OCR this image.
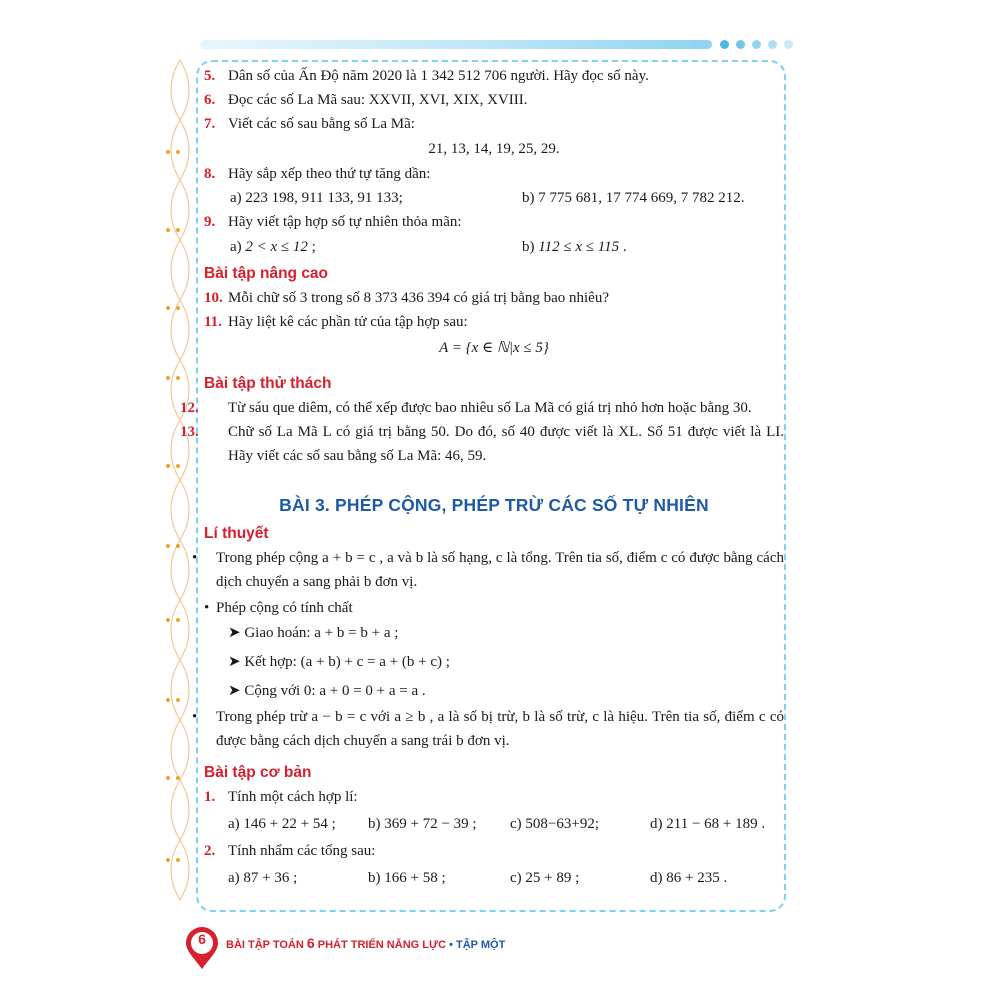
5. Dân số của Ấn Độ năm 2020 là 1 342 512 706 người. Hãy đọc số này.
6. Đọc các số La Mã sau: XXVII, XVI, XIX, XVIII.
7. Viết các số sau bằng số La Mã:
21, 13, 14, 19, 25, 29.
8. Hãy sắp xếp theo thứ tự tăng dần:
a) 223 198, 911 133, 91 133;	b) 7 775 681, 17 774 669, 7 782 212.
9. Hãy viết tập hợp số tự nhiên thỏa mãn:
a) 2 < x ≤ 12 ;	b) 112 ≤ x ≤ 115 .
Bài tập nâng cao
10. Mỗi chữ số 3 trong số 8 373 436 394 có giá trị bằng bao nhiêu?
11. Hãy liệt kê các phần tử của tập hợp sau:
A = {x ∈ ℕ|x ≤ 5}
Bài tập thử thách
12. Từ sáu que diêm, có thể xếp được bao nhiêu số La Mã có giá trị nhỏ hơn hoặc bằng 30.
13. Chữ số La Mã L có giá trị bằng 50. Do đó, số 40 được viết là XL. Số 51 được viết là LI. Hãy viết các số sau bằng số La Mã: 46, 59.
BÀI 3. PHÉP CỘNG, PHÉP TRỪ CÁC SỐ TỰ NHIÊN
Lí thuyết
• Trong phép cộng a + b = c , a và b là số hạng, c là tổng. Trên tia số, điểm c có được bằng cách dịch chuyển a sang phải b đơn vị.
• Phép cộng có tính chất
➤ Giao hoán: a + b = b + a ;
➤ Kết hợp: (a + b) + c = a + (b + c) ;
➤ Cộng với 0: a + 0 = 0 + a = a .
• Trong phép trừ a − b = c với a ≥ b , a là số bị trừ, b là số trừ, c là hiệu. Trên tia số, điểm c có được bằng cách dịch chuyển a sang trái b đơn vị.
Bài tập cơ bản
1. Tính một cách hợp lí:
a) 146 + 22 + 54 ; b) 369 + 72 − 39 ; c) 508−63+92;	d) 211 − 68 + 189 .
2. Tính nhẩm các tổng sau:
a) 87 + 36 ;	b) 166 + 58 ;	c) 25 + 89 ;	d) 86 + 235 .
6	BÀI TẬP TOÁN 6 PHÁT TRIỂN NĂNG LỰC • TẬP MỘT
